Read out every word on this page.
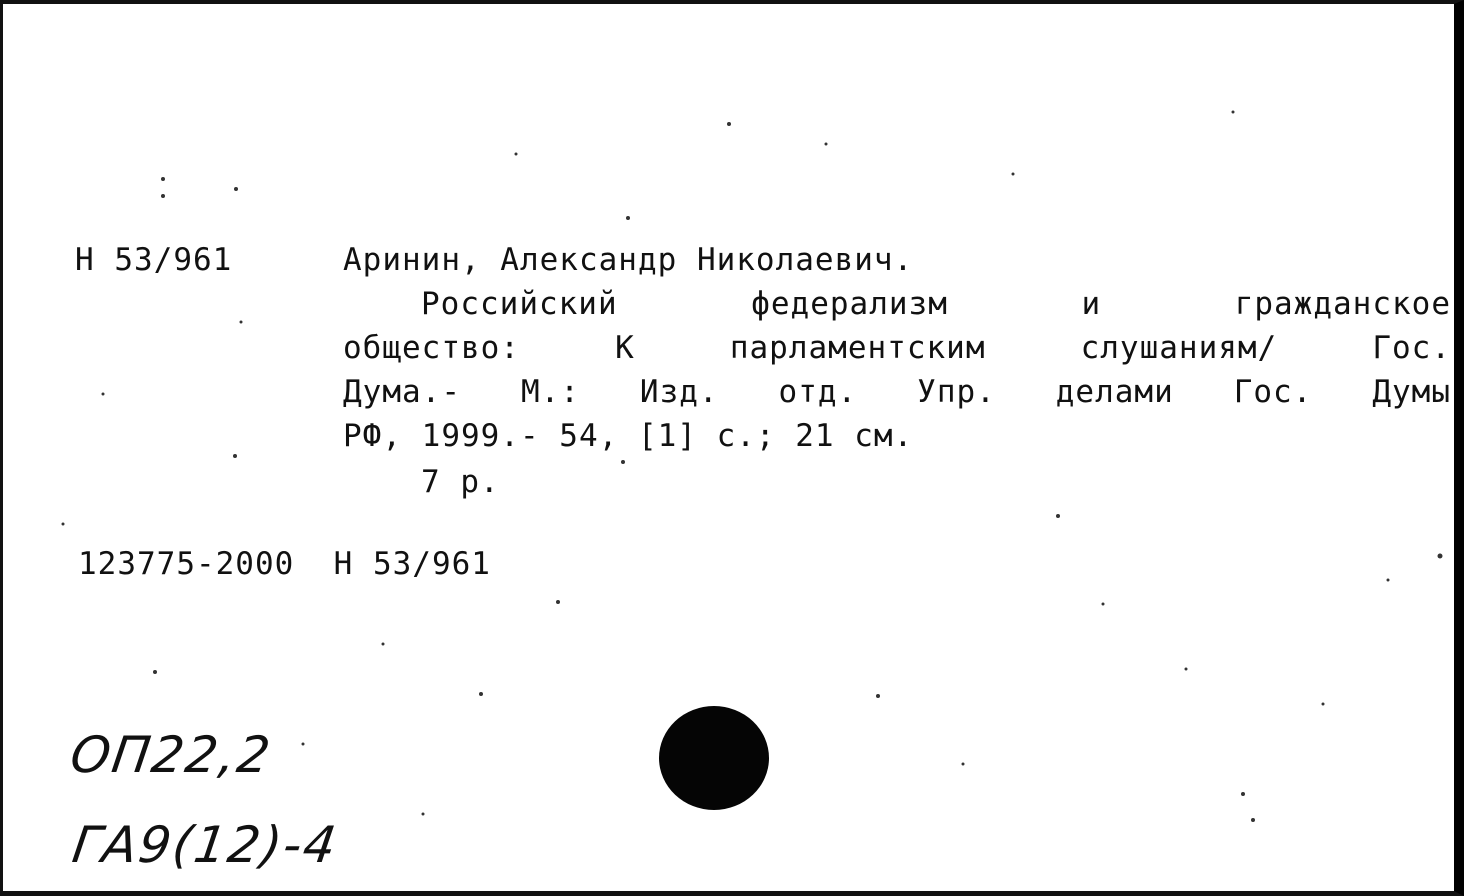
Н 53/961	Аринин, Александр Николаевич.
Российский федерализм и гражданское
общество: К парламентским слушаниям/ Гос.
Дума.- М.: Изд. отд. Упр. делами Гос. Думы
РФ, 1999.- 54, [1] с.; 21 см.
7 р.
123775-2000  Н 53/961
ОП22,2
ГА9(12)-4
